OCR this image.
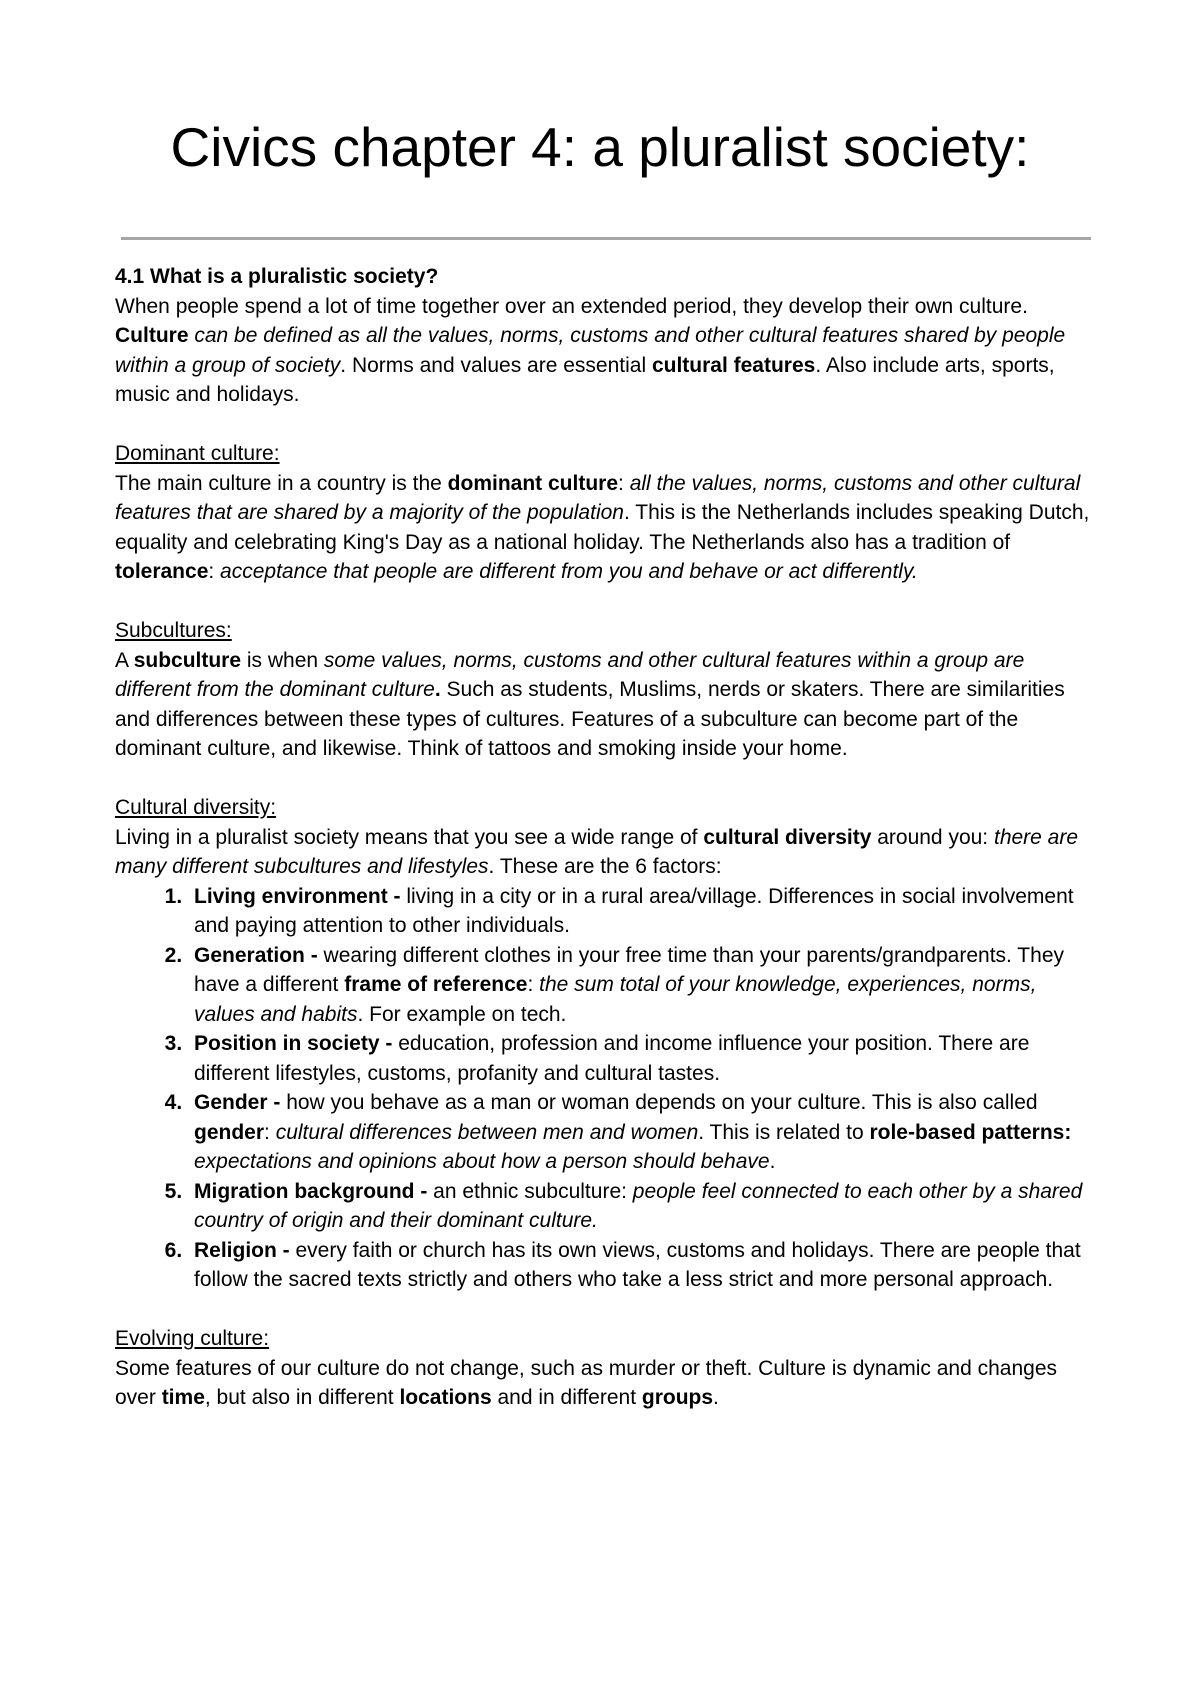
Civics chapter 4: a pluralist society:

4.1 What is a pluralistic society?

When people spend a lot of time together over an extended period, they develop their own culture. Culture can be defined as all the values, norms, customs and other cultural features shared by people within a group of society. Norms and values are essential cultural features. Also include arts, sports, music and holidays.

Dominant culture:

The main culture in a country is the dominant culture: all the values, norms, customs and other cultural features that are shared by a majority of the population. This is the Netherlands includes speaking Dutch, equality and celebrating King's Day as a national holiday. The Netherlands also has a tradition of tolerance: acceptance that people are different from you and behave or act differently.

Subcultures:

A subculture is when some values, norms, customs and other cultural features within a group are different from the dominant culture. Such as students, Muslims, nerds or skaters. There are similarities and differences between these types of cultures. Features of a subculture can become part of the dominant culture, and likewise. Think of tattoos and smoking inside your home.

Cultural diversity:

Living in a pluralist society means that you see a wide range of cultural diversity around you: there are many different subcultures and lifestyles. These are the 6 factors:

1. Living environment - living in a city or in a rural area/village. Differences in social involvement and paying attention to other individuals.
2. Generation - wearing different clothes in your free time than your parents/grandparents. They have a different frame of reference: the sum total of your knowledge, experiences, norms, values and habits. For example on tech.
3. Position in society - education, profession and income influence your position. There are different lifestyles, customs, profanity and cultural tastes.
4. Gender - how you behave as a man or woman depends on your culture. This is also called gender: cultural differences between men and women. This is related to role-based patterns: expectations and opinions about how a person should behave.
5. Migration background - an ethnic subculture: people feel connected to each other by a shared country of origin and their dominant culture.
6. Religion - every faith or church has its own views, customs and holidays. There are people that follow the sacred texts strictly and others who take a less strict and more personal approach.

Evolving culture:

Some features of our culture do not change, such as murder or theft. Culture is dynamic and changes over time, but also in different locations and in different groups.
